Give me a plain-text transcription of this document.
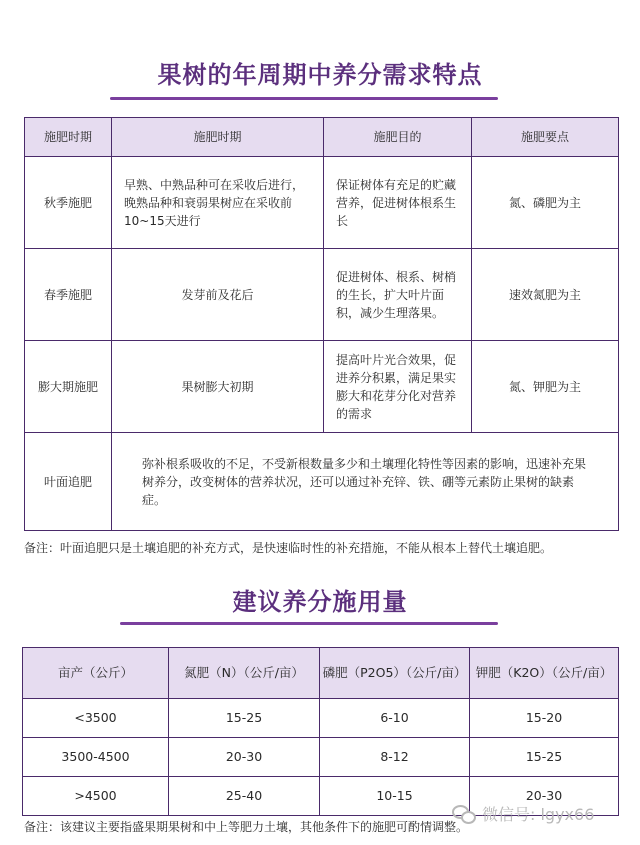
果树的年周期中养分需求特点
施肥时期	施肥时期	施肥目的	施肥要点
秋季施肥	早熟、中熟品种可在采收后进行，晚熟品种和衰弱果树应在采收前10~15天进行	保证树体有充足的贮藏营养，促进树体根系生长	氮、磷肥为主
春季施肥	发芽前及花后	促进树体、根系、树梢的生长，扩大叶片面积，减少生理落果。	速效氮肥为主
膨大期施肥	果树膨大初期	提高叶片光合效果，促进养分积累，满足果实膨大和花芽分化对营养的需求	氮、钾肥为主
叶面追肥	弥补根系吸收的不足，不受新根数量多少和土壤理化特性等因素的影响，迅速补充果树养分，改变树体的营养状况，还可以通过补充锌、铁、硼等元素防止果树的缺素症。		
备注：叶面追肥只是土壤追肥的补充方式，是快速临时性的补充措施，不能从根本上替代土壤追肥。
建议养分施用量
亩产（公斤）	氮肥（N）（公斤/亩）	磷肥（P2O5）（公斤/亩）	钾肥（K2O）（公斤/亩）
<3500	15-25	6-10	15-20
3500-4500	20-30	8-12	15-25
>4500	25-40	10-15	20-30
微信号: lgyx66
备注：该建议主要指盛果期果树和中上等肥力土壤，其他条件下的施肥可酌情调整。
